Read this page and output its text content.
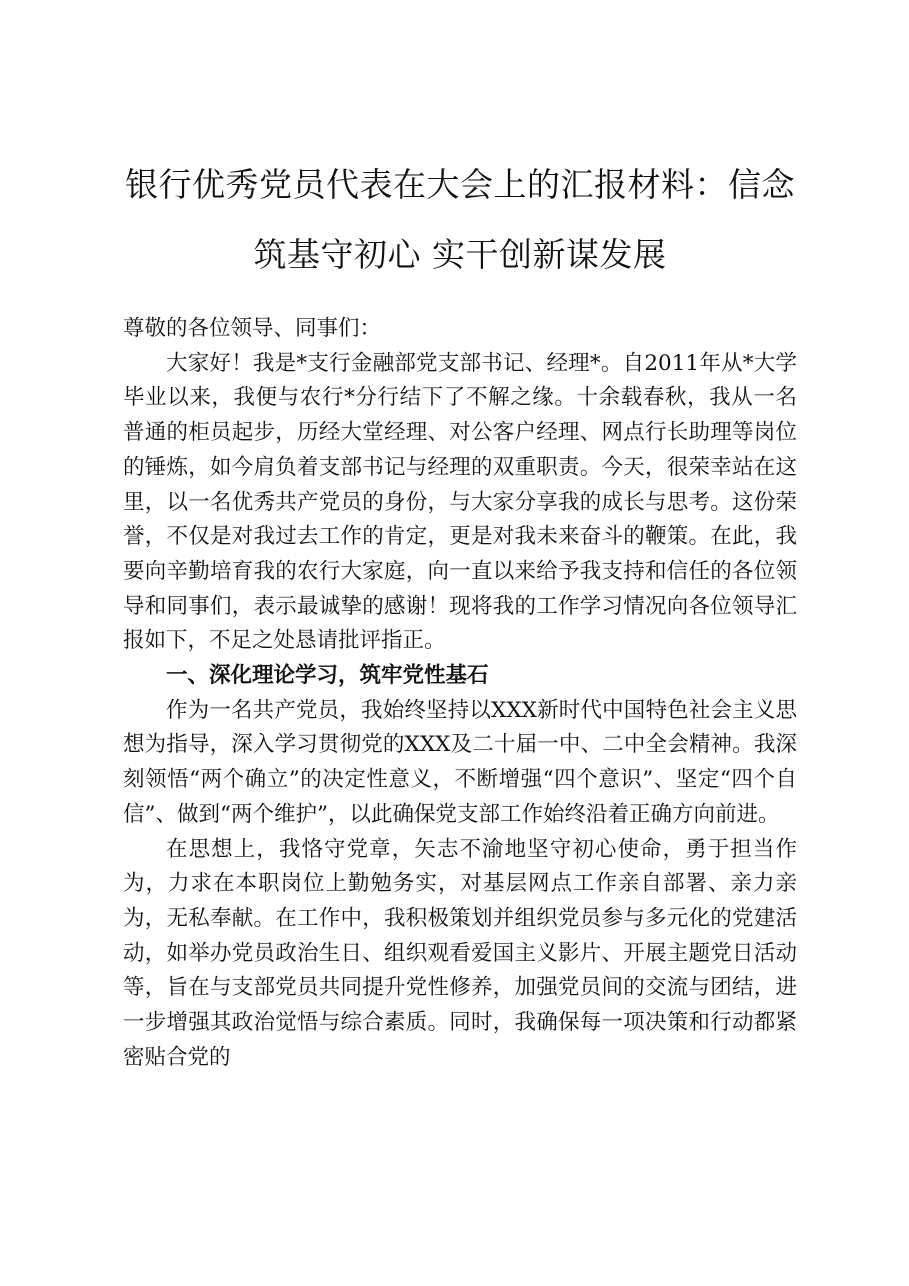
银行优秀党员代表在大会上的汇报材料：信念
筑基守初心 实干创新谋发展

尊敬的各位领导、同事们：

大家好！我是*支行金融部党支部书记、经理*。自2011年从*大学毕业以来，我便与农行*分行结下了不解之缘。十余载春秋，我从一名普通的柜员起步，历经大堂经理、对公客户经理、网点行长助理等岗位的锤炼，如今肩负着支部书记与经理的双重职责。今天，很荣幸站在这里，以一名优秀共产党员的身份，与大家分享我的成长与思考。这份荣誉，不仅是对我过去工作的肯定，更是对我未来奋斗的鞭策。在此，我要向辛勤培育我的农行大家庭，向一直以来给予我支持和信任的各位领导和同事们，表示最诚挚的感谢！现将我的工作学习情况向各位领导汇报如下，不足之处恳请批评指正。

一、深化理论学习，筑牢党性基石

作为一名共产党员，我始终坚持以XXX新时代中国特色社会主义思想为指导，深入学习贯彻党的XXX及二十届一中、二中全会精神。我深刻领悟“两个确立”的决定性意义，不断增强“四个意识”、坚定“四个自信”、做到“两个维护”，以此确保党支部工作始终沿着正确方向前进。

在思想上，我恪守党章，矢志不渝地坚守初心使命，勇于担当作为，力求在本职岗位上勤勉务实，对基层网点工作亲自部署、亲力亲为，无私奉献。在工作中，我积极策划并组织党员参与多元化的党建活动，如举办党员政治生日、组织观看爱国主义影片、开展主题党日活动等，旨在与支部党员共同提升党性修养，加强党员间的交流与团结，进一步增强其政治觉悟与综合素质。同时，我确保每一项决策和行动都紧密贴合党的
